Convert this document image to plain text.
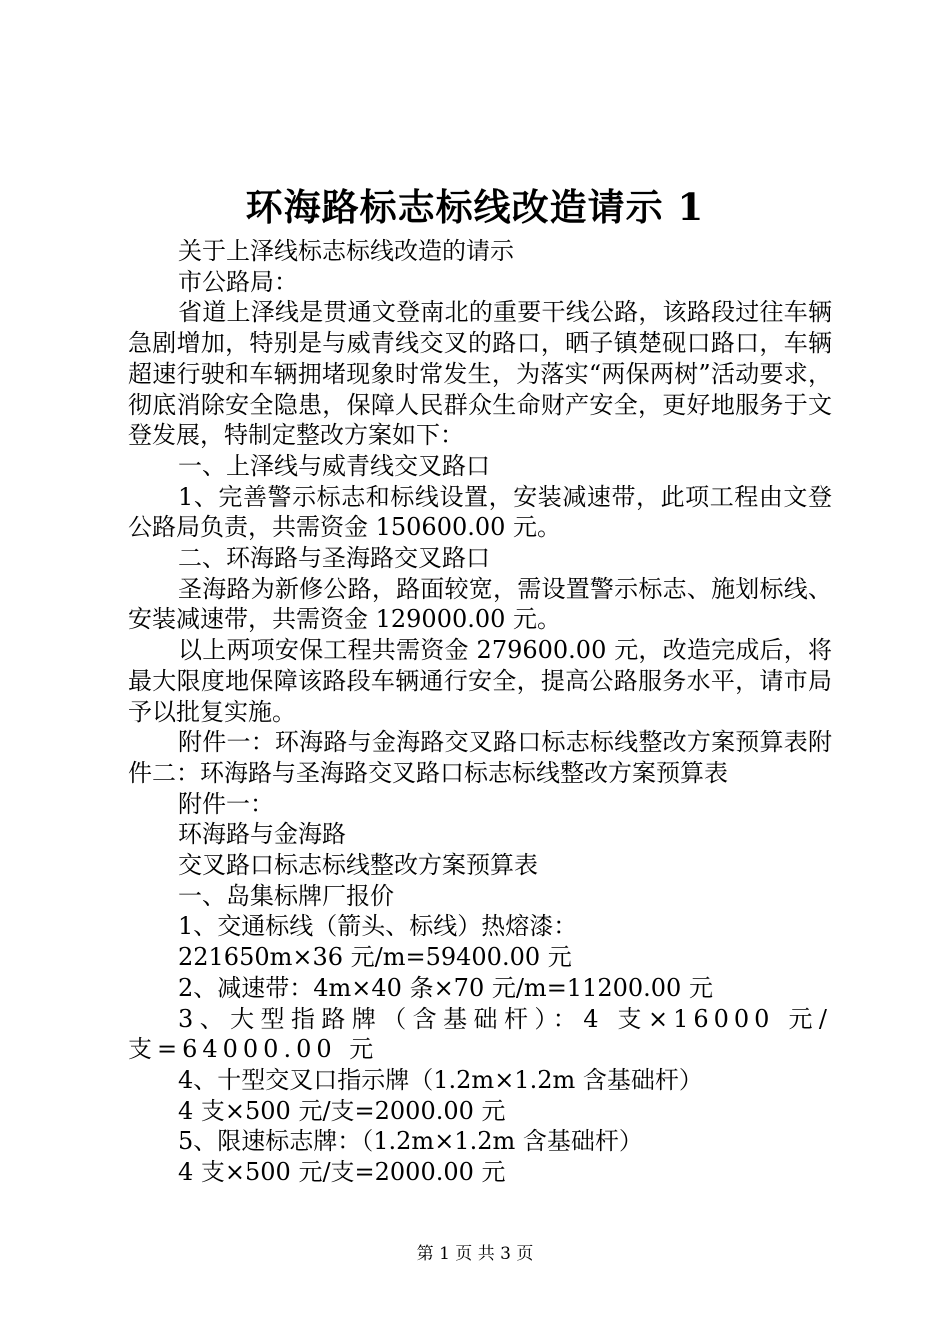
环海路标志标线改造请示 1

关于上泽线标志标线改造的请示

市公路局：

省道上泽线是贯通文登南北的重要干线公路，该路段过往车辆急剧增加，特别是与威青线交叉的路口，晒子镇楚砚口路口，车辆超速行驶和车辆拥堵现象时常发生，为落实“两保两树”活动要求，彻底消除安全隐患，保障人民群众生命财产安全，更好地服务于文登发展，特制定整改方案如下：

一、上泽线与威青线交叉路口

1、完善警示标志和标线设置，安装减速带，此项工程由文登公路局负责，共需资金 150600.00 元。

二、环海路与圣海路交叉路口

圣海路为新修公路，路面较宽，需设置警示标志、施划标线、安装减速带，共需资金 129000.00 元。

以上两项安保工程共需资金 279600.00 元，改造完成后，将最大限度地保障该路段车辆通行安全，提高公路服务水平，请市局予以批复实施。

附件一：环海路与金海路交叉路口标志标线整改方案预算表附件二：环海路与圣海路交叉路口标志标线整改方案预算表

附件一：

环海路与金海路

交叉路口标志标线整改方案预算表

一、岛集标牌厂报价

1、交通标线（箭头、标线）热熔漆：

221650m×36 元/m=59400.00 元

2、减速带：4m×40 条×70 元/m=11200.00 元

3、大型指路牌（含基础杆）：4 支×16000 元/支=64000.00 元

4、十型交叉口指示牌（1.2m×1.2m 含基础杆）

4 支×500 元/支=2000.00 元

5、限速标志牌：（1.2m×1.2m 含基础杆）

4 支×500 元/支=2000.00 元

第 1 页 共 3 页
